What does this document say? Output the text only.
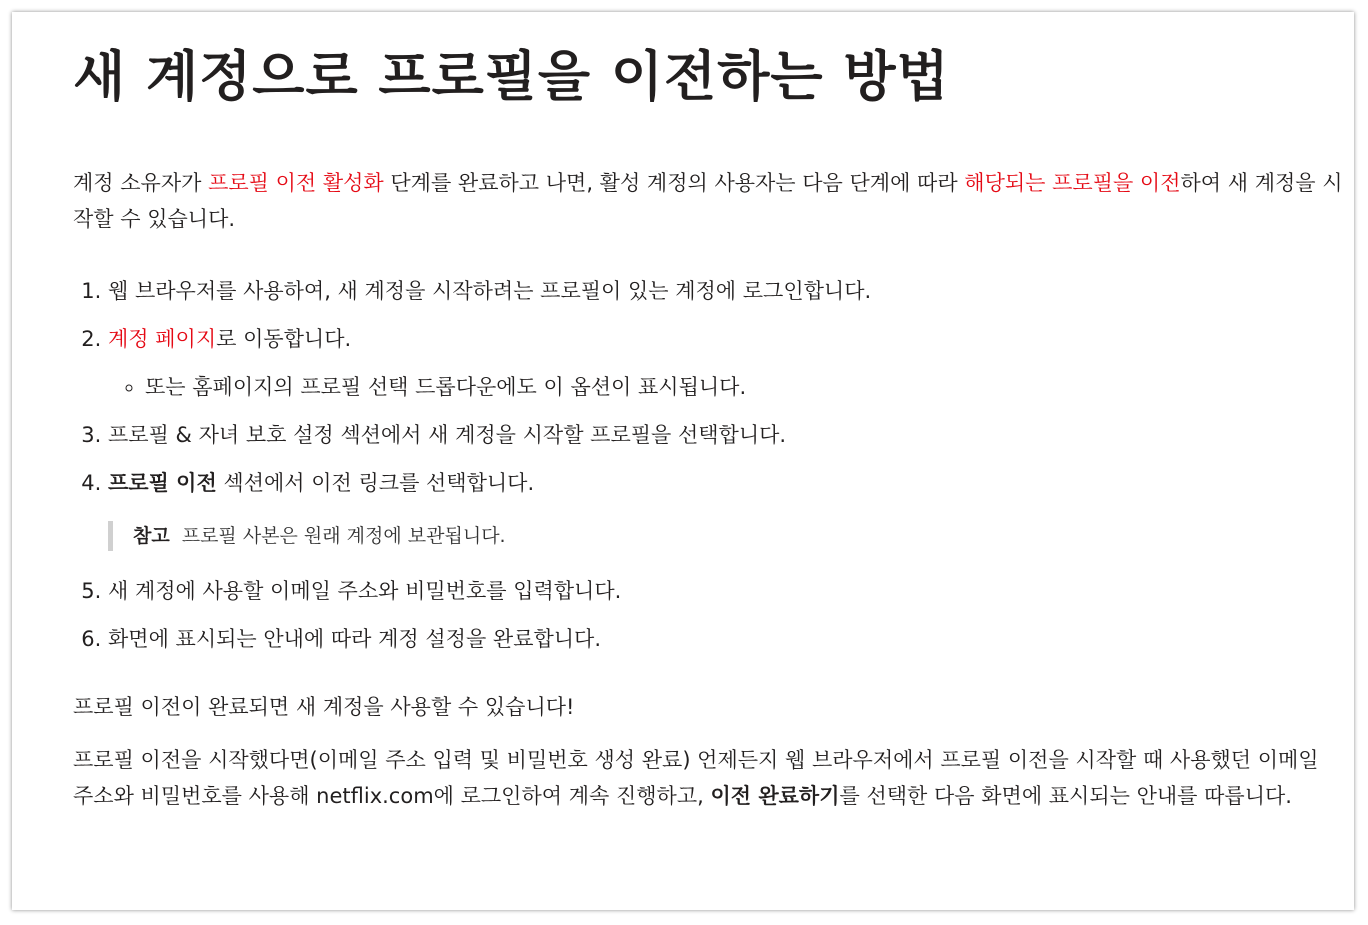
새 계정으로 프로필을 이전하는 방법

계정 소유자가 프로필 이전 활성화 단계를 완료하고 나면, 활성 계정의 사용자는 다음 단계에 따라 해당되는 프로필을 이전하여 새 계정을 시작할 수 있습니다.

1. 웹 브라우저를 사용하여, 새 계정을 시작하려는 프로필이 있는 계정에 로그인합니다.
2. 계정 페이지로 이동합니다.
◦ 또는 홈페이지의 프로필 선택 드롭다운에도 이 옵션이 표시됩니다.
3. 프로필 & 자녀 보호 설정 섹션에서 새 계정을 시작할 프로필을 선택합니다.
4. 프로필 이전 섹션에서 이전 링크를 선택합니다.
참고 프로필 사본은 원래 계정에 보관됩니다.
5. 새 계정에 사용할 이메일 주소와 비밀번호를 입력합니다.
6. 화면에 표시되는 안내에 따라 계정 설정을 완료합니다.

프로필 이전이 완료되면 새 계정을 사용할 수 있습니다!

프로필 이전을 시작했다면(이메일 주소 입력 및 비밀번호 생성 완료) 언제든지 웹 브라우저에서 프로필 이전을 시작할 때 사용했던 이메일 주소와 비밀번호를 사용해 netflix.com에 로그인하여 계속 진행하고, 이전 완료하기를 선택한 다음 화면에 표시되는 안내를 따릅니다.
